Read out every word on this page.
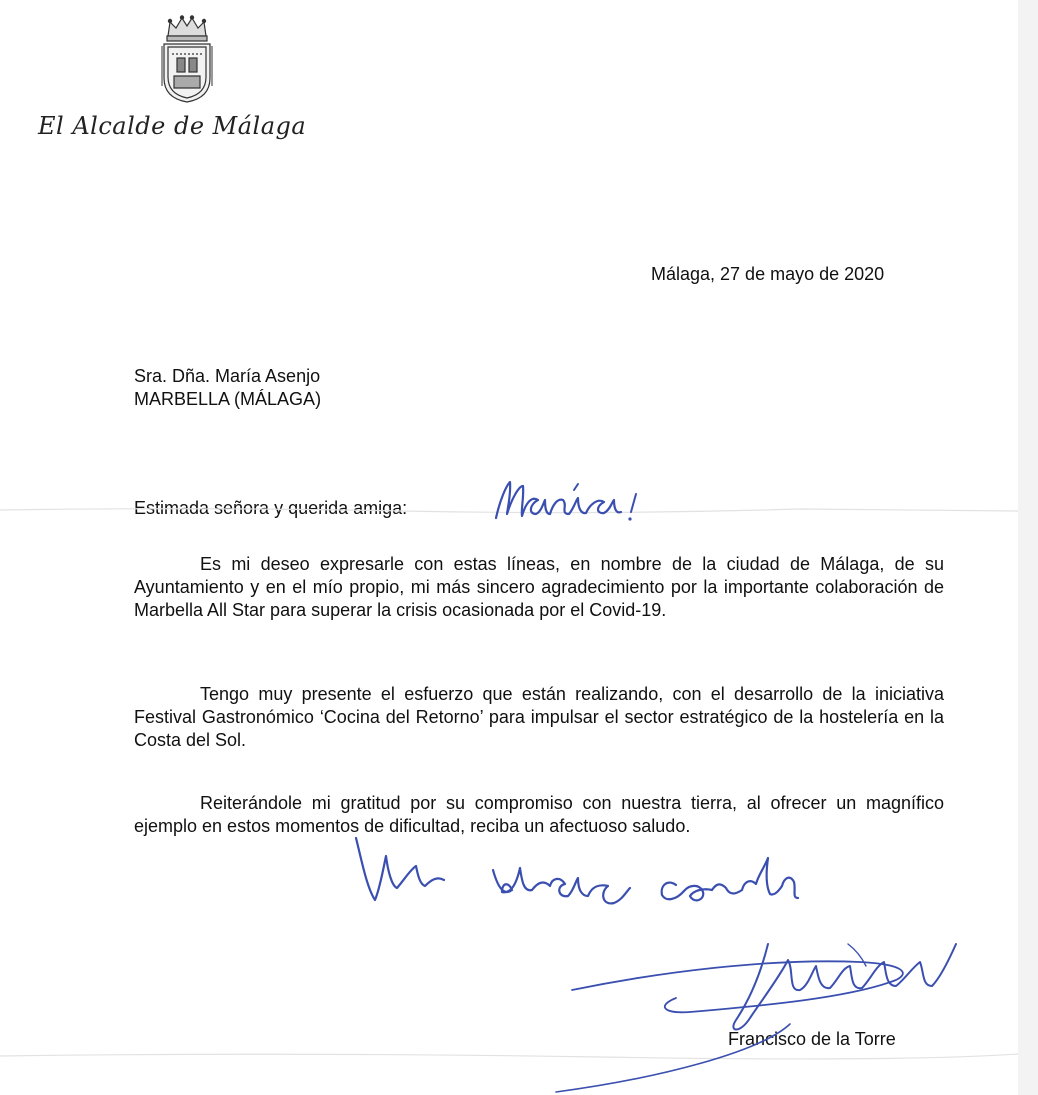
El Alcalde de Málaga
Málaga, 27 de mayo de 2020
Sra. Dña. María Asenjo
MARBELLA (MÁLAGA)
Estimada señora y querida amiga:
Es mi deseo expresarle con estas líneas, en nombre de la ciudad de Málaga, de su Ayuntamiento y en el mío propio, mi más sincero agradecimiento por la importante colaboración de Marbella All Star para superar la crisis ocasionada por el Covid-19.
Tengo muy presente el esfuerzo que están realizando, con el desarrollo de la iniciativa Festival Gastronómico ‘Cocina del Retorno’ para impulsar el sector estratégico de la hostelería en la Costa del Sol.
Reiterándole mi gratitud por su compromiso con nuestra tierra, al ofrecer un magnífico ejemplo en estos momentos de dificultad, reciba un afectuoso saludo.
Francisco de la Torre
